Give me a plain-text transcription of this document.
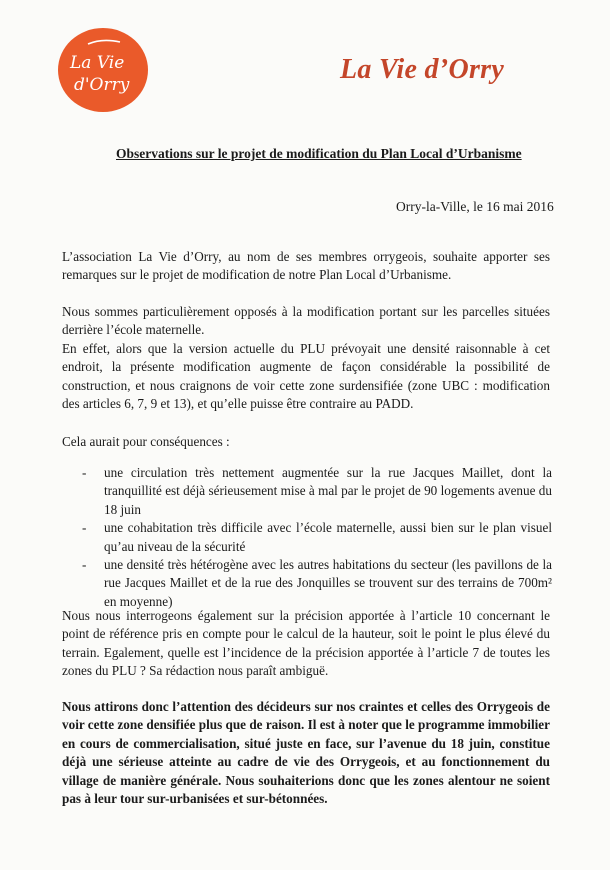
La Vie
d'Orry	La Vie d’Orry
Observations sur le projet de modification du Plan Local d’Urbanisme
Orry-la-Ville, le 16 mai 2016

L’association La Vie d’Orry, au nom de ses membres orrygeois, souhaite apporter ses remarques sur le projet de modification de notre Plan Local d’Urbanisme.

Nous sommes particulièrement opposés à la modification portant sur les parcelles situées derrière l’école maternelle.

En effet, alors que la version actuelle du PLU prévoyait une densité raisonnable à cet endroit, la présente modification augmente de façon considérable la possibilité de construction, et nous craignons de voir cette zone surdensifiée (zone UBC : modification des articles 6, 7, 9 et 13), et qu’elle puisse être contraire au PADD.

Cela aurait pour conséquences :

- une circulation très nettement augmentée sur la rue Jacques Maillet, dont la tranquillité est déjà sérieusement mise à mal par le projet de 90 logements avenue du 18 juin
- une cohabitation très difficile avec l’école maternelle, aussi bien sur le plan visuel qu’au niveau de la sécurité
- une densité très hétérogène avec les autres habitations du secteur (les pavillons de la rue Jacques Maillet et de la rue des Jonquilles se trouvent sur des terrains de 700m² en moyenne)

Nous nous interrogeons également sur la précision apportée à l’article 10 concernant le point de référence pris en compte pour le calcul de la hauteur, soit le point le plus élevé du terrain. Egalement, quelle est l’incidence de la précision apportée à l’article 7 de toutes les zones du PLU ? Sa rédaction nous paraît ambiguë.

Nous attirons donc l’attention des décideurs sur nos craintes et celles des Orrygeois de voir cette zone densifiée plus que de raison. Il est à noter que le programme immobilier en cours de commercialisation, situé juste en face, sur l’avenue du 18 juin, constitue déjà une sérieuse atteinte au cadre de vie des Orrygeois, et au fonctionnement du village de manière générale. Nous souhaiterions donc que les zones alentour ne soient pas à leur tour sur-urbanisées et sur-bétonnées.
